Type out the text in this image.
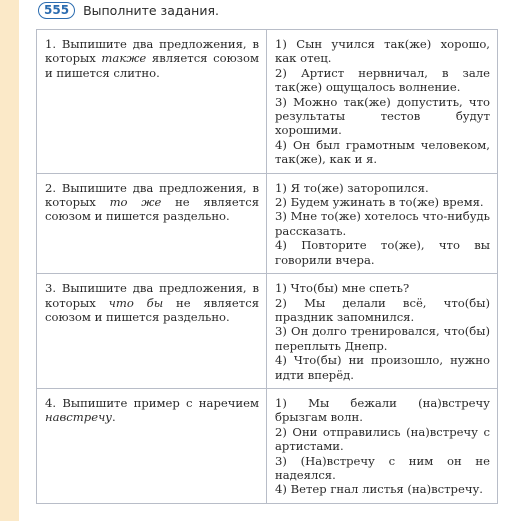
555	Выполните задания.
1. Выпишите два предложения, в которых также является союзом и пишется слитно.	1) Сын учился так(же) хорошо, как отец.
2) Артист нервничал, в зале так(же) ощущалось волнение.
3) Можно так(же) допустить, что результаты тестов будут хорошими.
4) Он был грамотным человеком, так(же), как и я.

2. Выпишите два предложения, в которых то же не является союзом и пишется раздельно.	1) Я то(же) заторопился.
2) Будем ужинать в то(же) время.
3) Мне то(же) хотелось что-нибудь рассказать.
4) Повторите то(же), что вы говорили вчера.

3. Выпишите два предложения, в которых что бы не является союзом и пишется раздельно.	1) Что(бы) мне спеть?
2) Мы делали всё, что(бы) праздник запомнился.
3) Он долго тренировался, что(бы) переплыть Днепр.
4) Что(бы) ни произошло, нужно идти вперёд.

4. Выпишите пример с наречием навстречу.	1) Мы бежали (на)встречу брызгам волн.
2) Они отправились (на)встречу с артистами.
3) (На)встречу с ним он не надеялся.
4) Ветер гнал листья (на)встречу.
